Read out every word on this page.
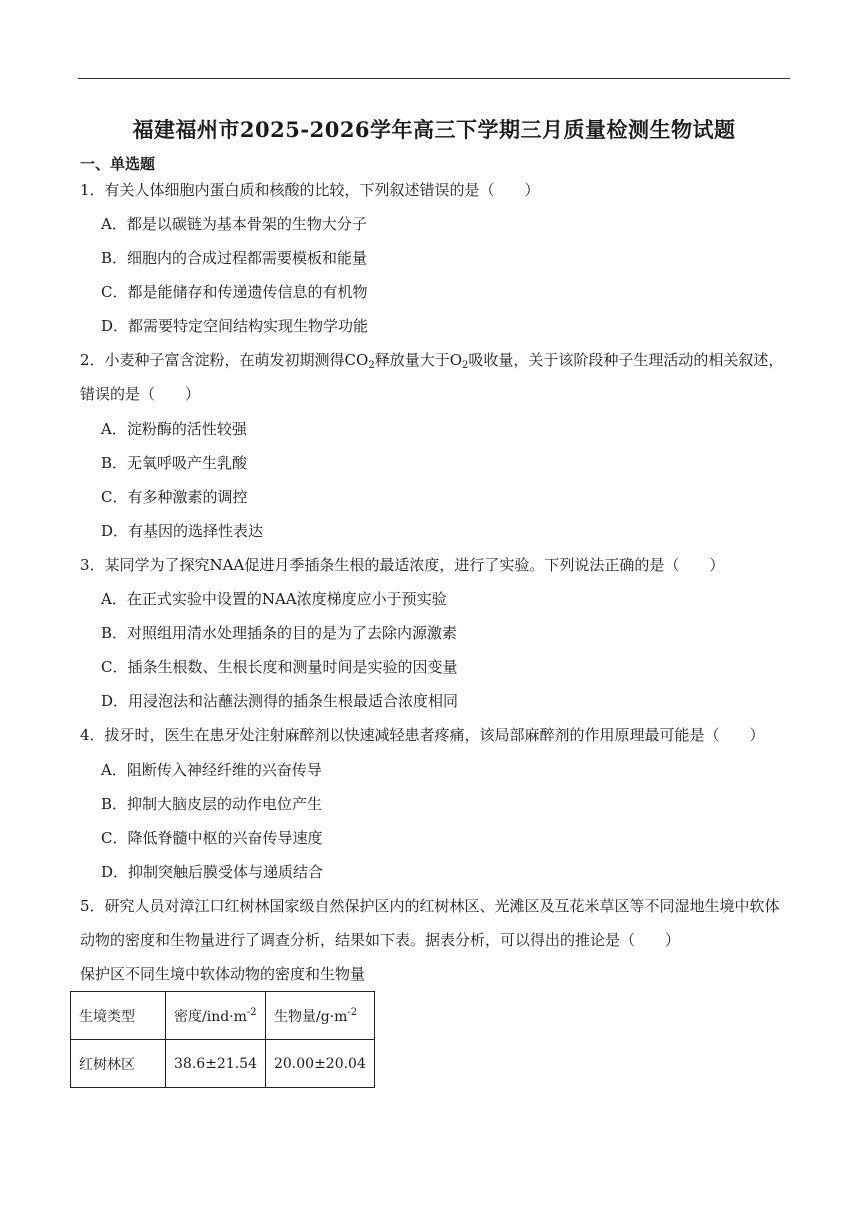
福建福州市2025-2026学年高三下学期三月质量检测生物试题
一、单选题
1．有关人体细胞内蛋白质和核酸的比较，下列叙述错误的是（　　）
A．都是以碳链为基本骨架的生物大分子
B．细胞内的合成过程都需要模板和能量
C．都是能储存和传递遗传信息的有机物
D．都需要特定空间结构实现生物学功能
2．小麦种子富含淀粉，在萌发初期测得$CO_2$释放量大于$O_2$吸收量，关于该阶段种子生理活动的相关叙述，
错误的是（　　）
A．淀粉酶的活性较强
B．无氧呼吸产生乳酸
C．有多种激素的调控
D．有基因的选择性表达
3．某同学为了探究NAA促进月季插条生根的最适浓度，进行了实验。下列说法正确的是（　　）
A．在正式实验中设置的NAA浓度梯度应小于预实验
B．对照组用清水处理插条的目的是为了去除内源激素
C．插条生根数、生根长度和测量时间是实验的因变量
D．用浸泡法和沾蘸法测得的插条生根最适合浓度相同
4．拔牙时，医生在患牙处注射麻醉剂以快速减轻患者疼痛，该局部麻醉剂的作用原理最可能是（　　）
A．阻断传入神经纤维的兴奋传导
B．抑制大脑皮层的动作电位产生
C．降低脊髓中枢的兴奋传导速度
D．抑制突触后膜受体与递质结合
5．研究人员对漳江口红树林国家级自然保护区内的红树林区、光滩区及互花米草区等不同湿地生境中软体
动物的密度和生物量进行了调查分析，结果如下表。据表分析，可以得出的推论是（　　）
保护区不同生境中软体动物的密度和生物量
生境类型	密度$/ind\cdot m^{-2}$	生物量$/g\cdot m^{-2}$
红树林区	38.6±21.54	20.00±20.04
